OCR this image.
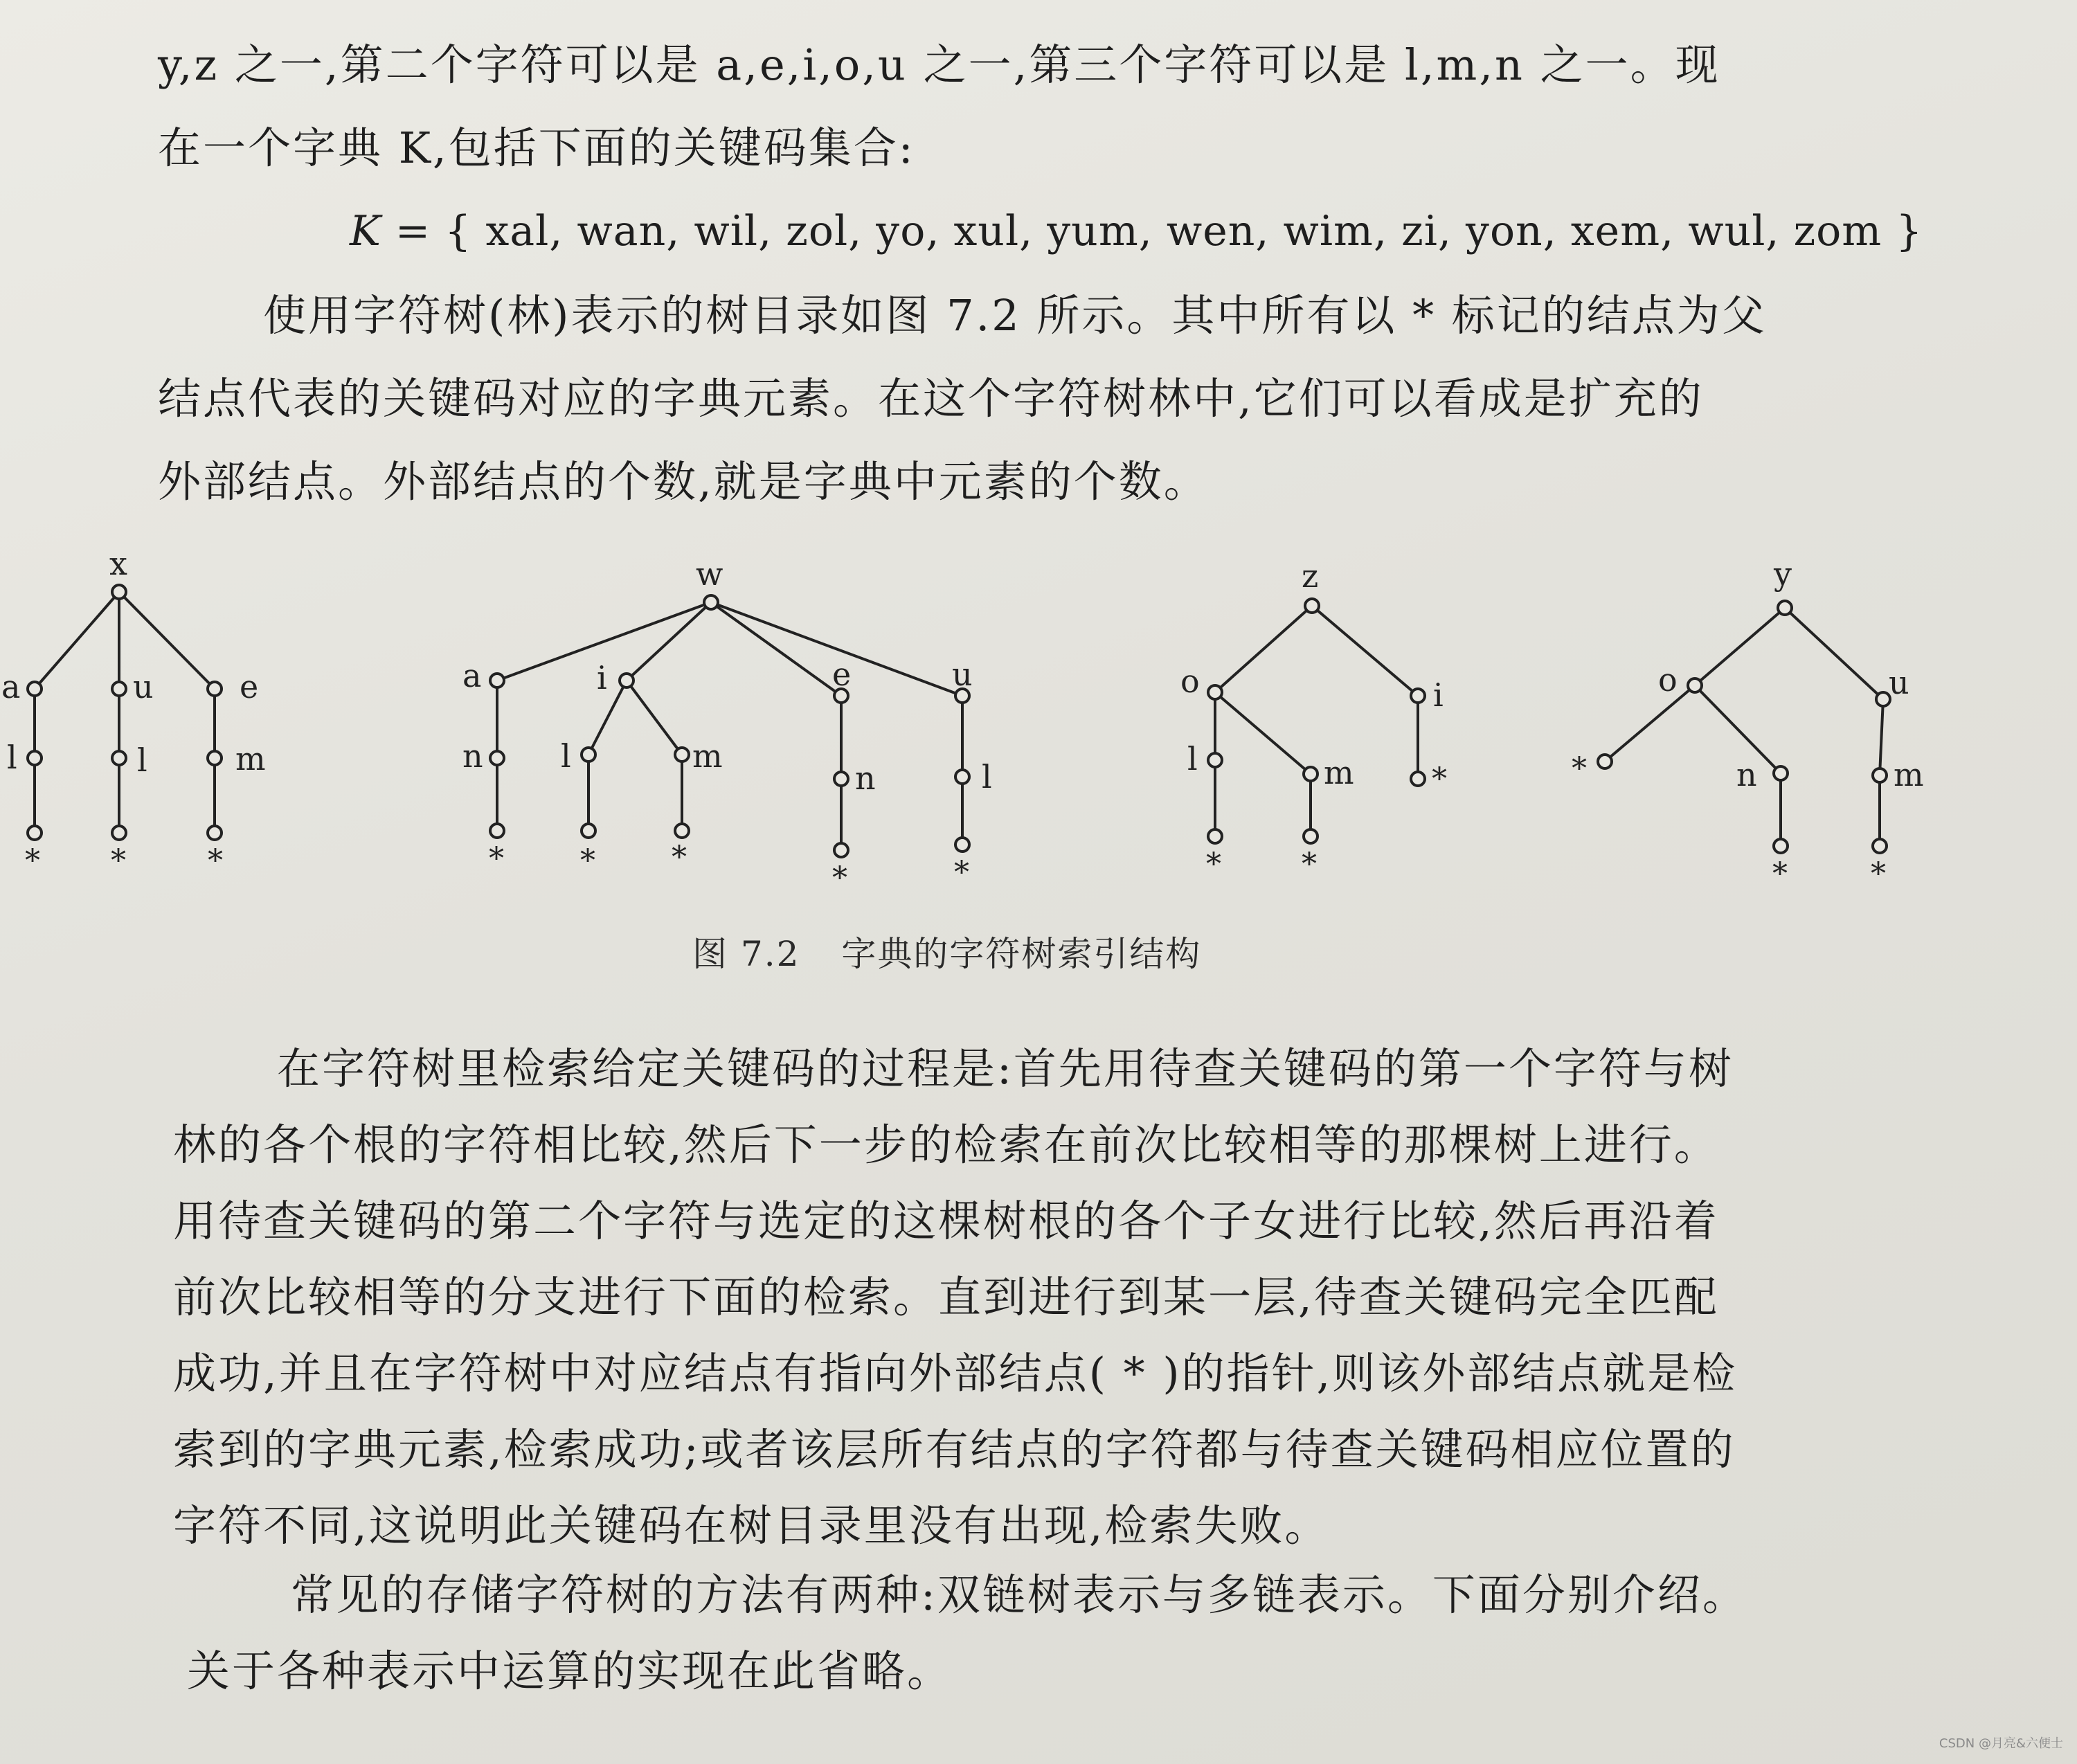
y,z 之一,第二个字符可以是 a,e,i,o,u 之一,第三个字符可以是 l,m,n 之一。现
在一个字典 K,包括下面的关键码集合:
K = { xal, wan, wil, zol, yo, xul, yum, wen, wim, zi, yon, xem, wul, zom }
使用字符树(林)表示的树目录如图 7.2 所示。其中所有以 * 标记的结点为父
结点代表的关键码对应的字典元素。在这个字符树林中,它们可以看成是扩充的
外部结点。外部结点的个数,就是字典中元素的个数。
x
a	u	e
l	l	m
* *	*
w
a	i	e	u
n l	m
n	l
*	*	*
*	*
z
o	i
l	m	*
*	*
y
o	u
*	n	m
*	*
图 7.2 字典的字符树索引结构
在字符树里检索给定关键码的过程是:首先用待查关键码的第一个字符与树
林的各个根的字符相比较,然后下一步的检索在前次比较相等的那棵树上进行。
用待查关键码的第二个字符与选定的这棵树根的各个子女进行比较,然后再沿着
前次比较相等的分支进行下面的检索。直到进行到某一层,待查关键码完全匹配
成功,并且在字符树中对应结点有指向外部结点( * )的指针,则该外部结点就是检
索到的字典元素,检索成功;或者该层所有结点的字符都与待查关键码相应位置的
字符不同,这说明此关键码在树目录里没有出现,检索失败。
常见的存储字符树的方法有两种:双链树表示与多链表示。下面分别介绍。
关于各种表示中运算的实现在此省略。
CSDN @月亮&六便士
